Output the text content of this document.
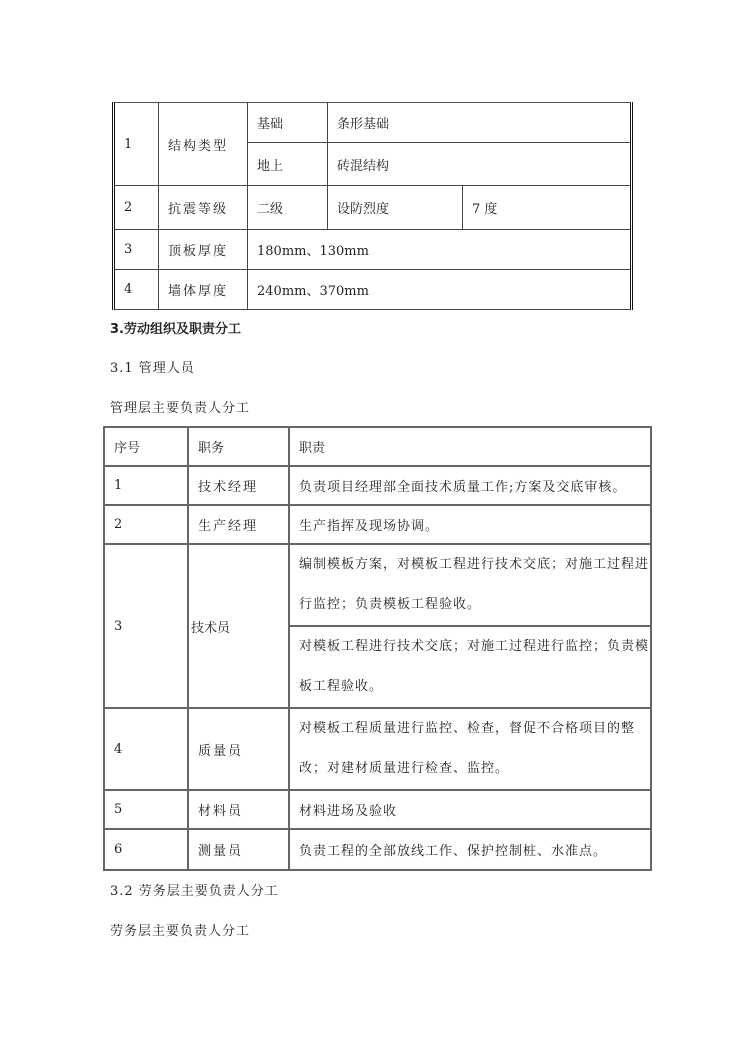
1	结构类型	基础	条形基础	
		地上	砖混结构	
2	抗震等级	二级	设防烈度	7 度
3	顶板厚度	180mm、130mm		
4	墙体厚度	240mm、370mm		
3.劳动组织及职责分工
3.1 管理人员
管理层主要负责人分工
序号	职务	职责
1	技术经理	负责项目经理部全面技术质量工作;方案及交底审核。
2	生产经理	生产指挥及现场协调。
3	技术员	编制模板方案，对模板工程进行技术交底；对施工过程进行监控；负责模板工程验收。
		对模板工程进行技术交底；对施工过程进行监控；负责模板工程验收。
4	质量员	对模板工程质量进行监控、检查，督促不合格项目的整改；对建材质量进行检查、监控。
5	材料员	材料进场及验收
6	测量员	负责工程的全部放线工作、保护控制桩、水准点。
3.2 劳务层主要负责人分工
劳务层主要负责人分工
